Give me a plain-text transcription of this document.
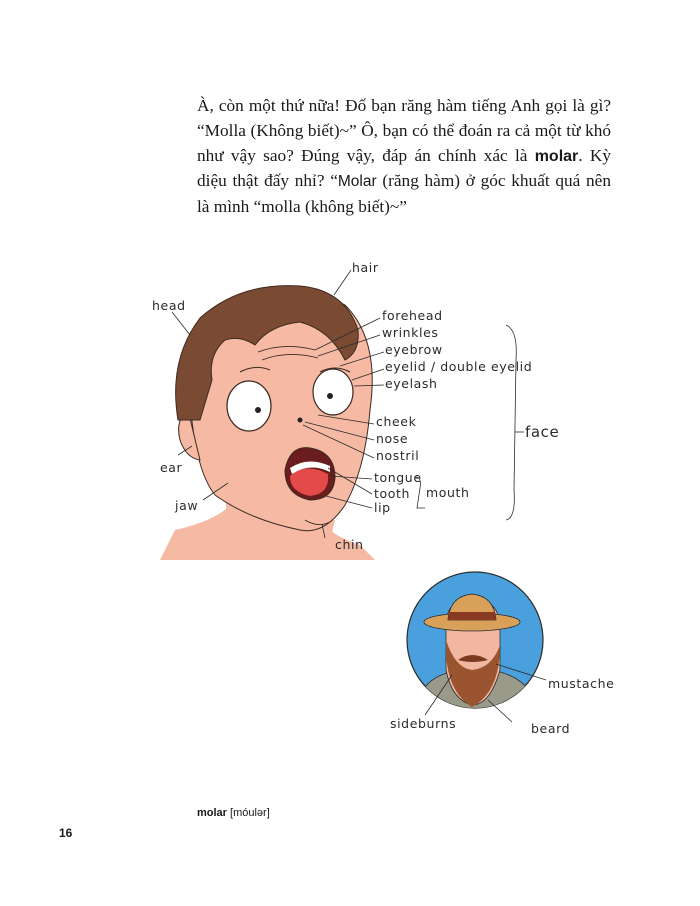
À, còn một thứ nữa! Đố bạn răng hàm tiếng Anh gọi là gì? “Molla (Không biết)~” Ô, bạn có thể đoán ra cả một từ khó như vậy sao? Đúng vậy, đáp án chính xác là molar. Kỳ diệu thật đấy nhỉ? “Molar (răng hàm) ở góc khuất quá nên là mình “molla (không biết)~”

hair
head
forehead
wrinkles
eyebrow
eyelid / double eyelid
eyelash
cheek
nose
nostril
tongue
tooth
lip
mouth
face
ear
jaw
chin
mustache
sideburns	beard
molar [móulər]
16
